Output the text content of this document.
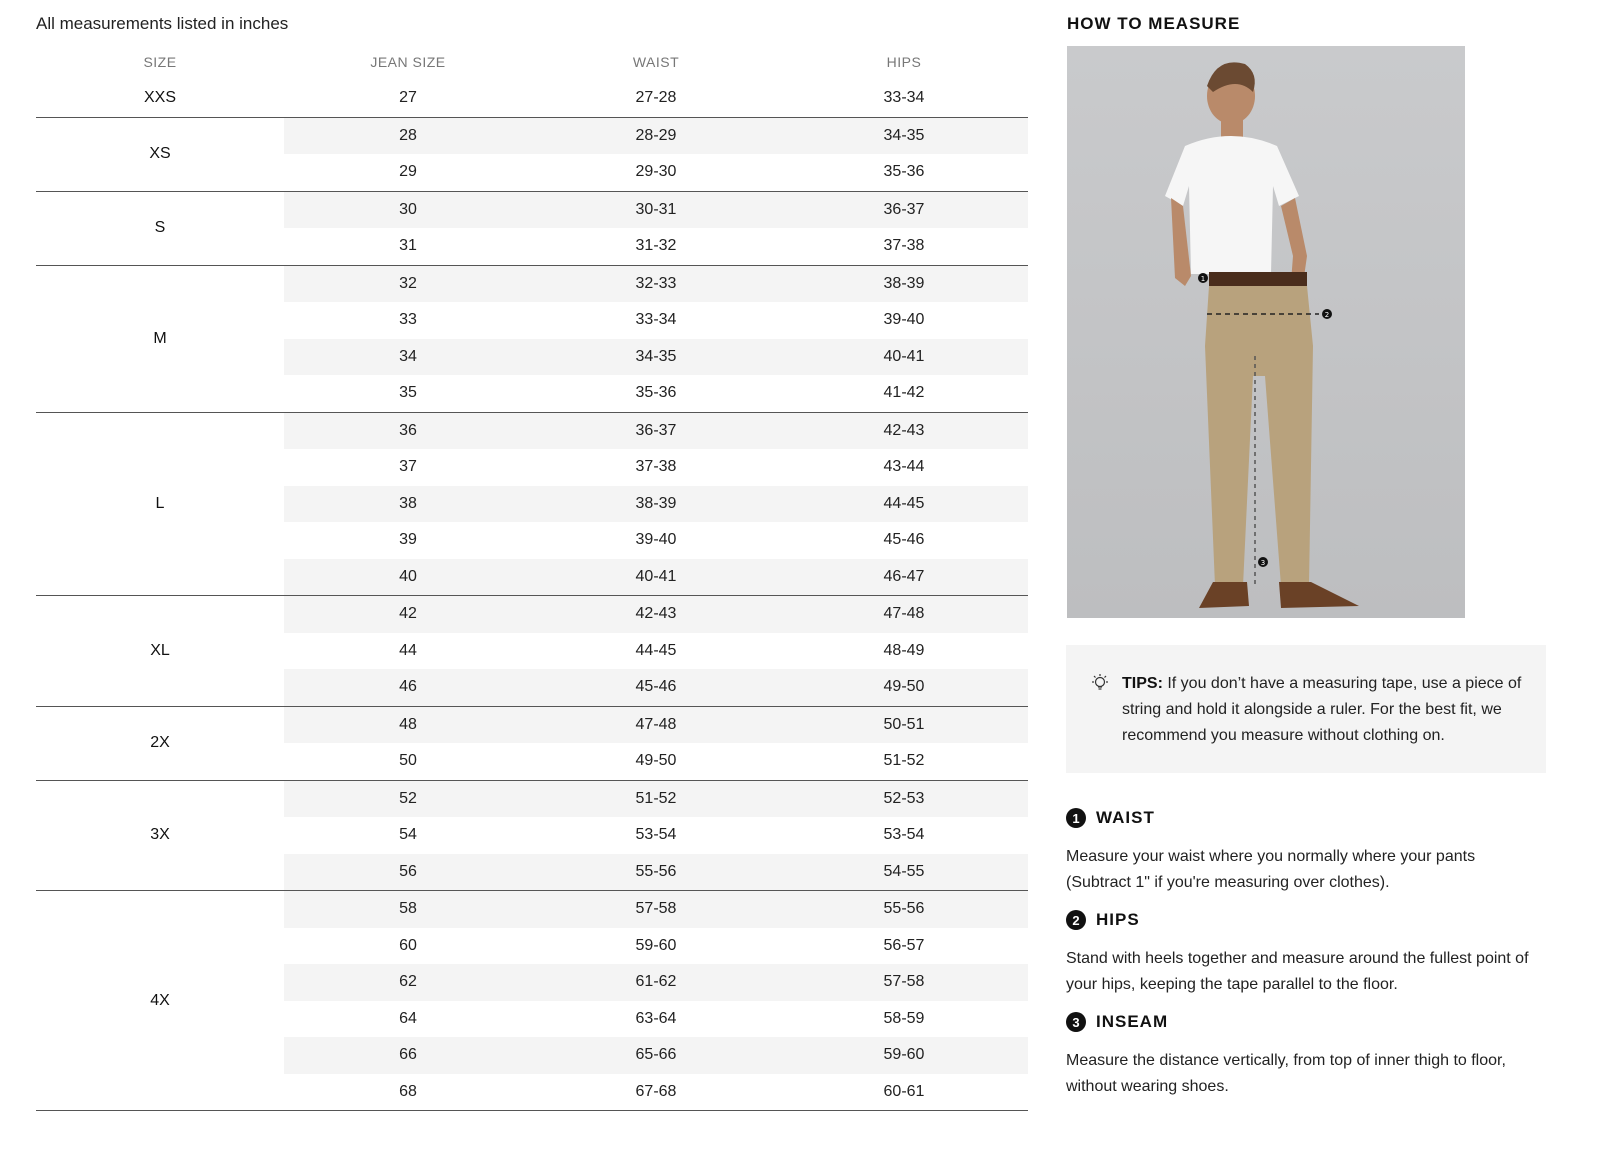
All measurements listed in inches
SIZE	JEAN SIZE	WAIST	HIPS
XXS	27	27-28	33-34
XS
28	28-29	34-35
29	29-30	35-36
S
30	30-31	36-37
31	31-32	37-38
M
32	32-33	38-39
33	33-34	39-40
34	34-35	40-41
35	35-36	41-42
L
36	36-37	42-43
37	37-38	43-44
38	38-39	44-45
39	39-40	45-46
40	40-41	46-47
XL
42	42-43	47-48
44	44-45	48-49
46	45-46	49-50
2X
48	47-48	50-51
50	49-50	51-52
3X
52	51-52	52-53
54	53-54	53-54
56	55-56	54-55
4X
58	57-58	55-56
60	59-60	56-57
62	61-62	57-58
64	63-64	58-59
66	65-66	59-60
68	67-68	60-61
HOW TO MEASURE
1
2
3
TIPS: If you don’t have a measuring tape, use a piece of string and hold it alongside a ruler. For the best fit, we recommend you measure without clothing on.
1 WAIST
Measure your waist where you normally where your pants (Subtract 1" if you're measuring over clothes).
2 HIPS
Stand with heels together and measure around the fullest point of your hips, keeping the tape parallel to the floor.
3 INSEAM
Measure the distance vertically, from top of inner thigh to floor, without wearing shoes.
